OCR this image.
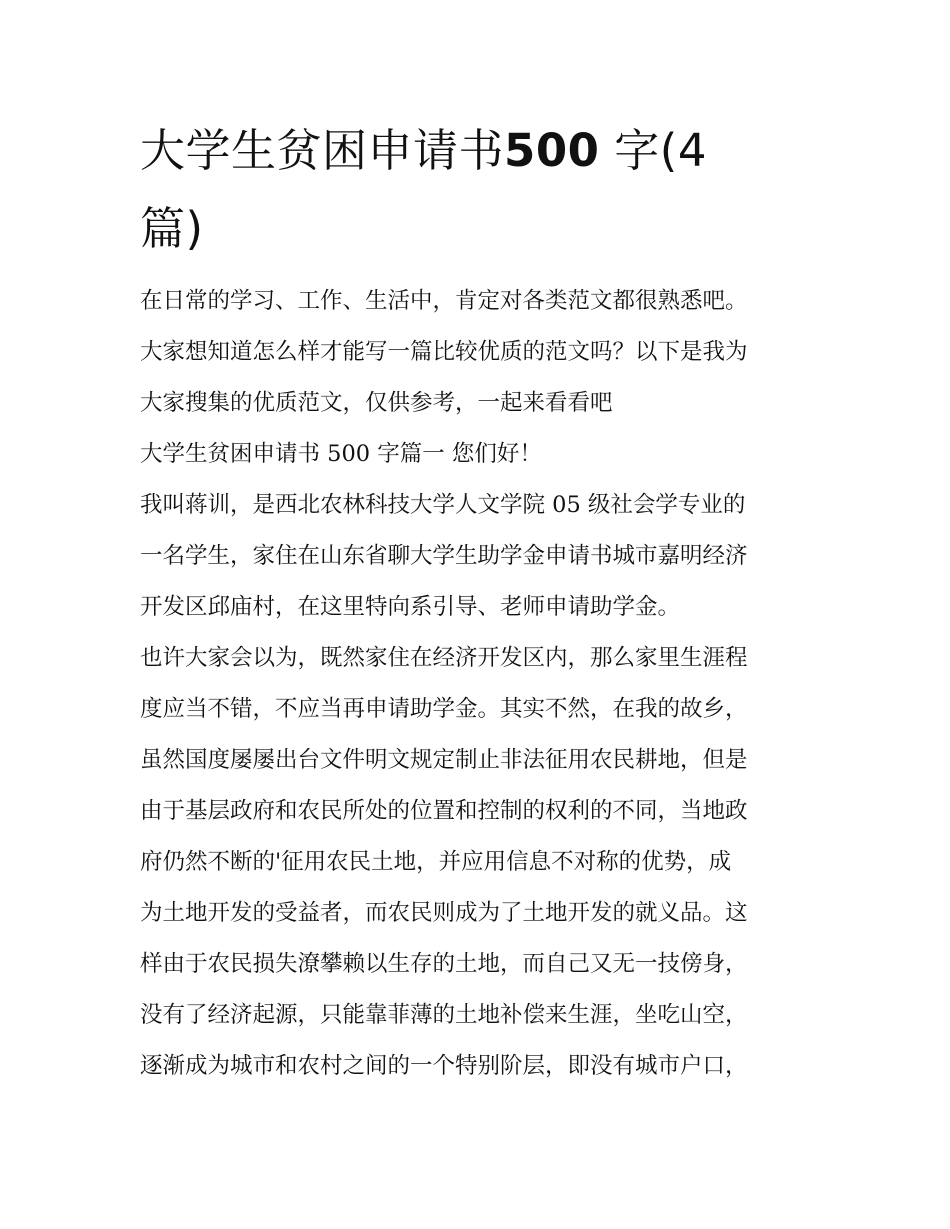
大学生贫困申请书500 字(4
篇)
在日常的学习、工作、生活中，肯定对各类范文都很熟悉吧。
大家想知道怎么样才能写一篇比较优质的范文吗？以下是我为
大家搜集的优质范文，仅供参考，一起来看看吧
大学生贫困申请书 500 字篇一 您们好！
我叫蒋训，是西北农林科技大学人文学院 05 级社会学专业的
一名学生，家住在山东省聊大学生助学金申请书城市嘉明经济
开发区邱庙村，在这里特向系引导、老师申请助学金。
也许大家会以为，既然家住在经济开发区内，那么家里生涯程
度应当不错，不应当再申请助学金。其实不然，在我的故乡，
虽然国度屡屡出台文件明文规定制止非法征用农民耕地，但是
由于基层政府和农民所处的位置和控制的权利的不同，当地政
府仍然不断的'征用农民土地，并应用信息不对称的优势，成
为土地开发的受益者，而农民则成为了土地开发的就义品。这
样由于农民损失潦攀赖以生存的土地，而自己又无一技傍身，
没有了经济起源，只能靠菲薄的土地补偿来生涯，坐吃山空，
逐渐成为城市和农村之间的一个特别阶层，即没有城市户口，
